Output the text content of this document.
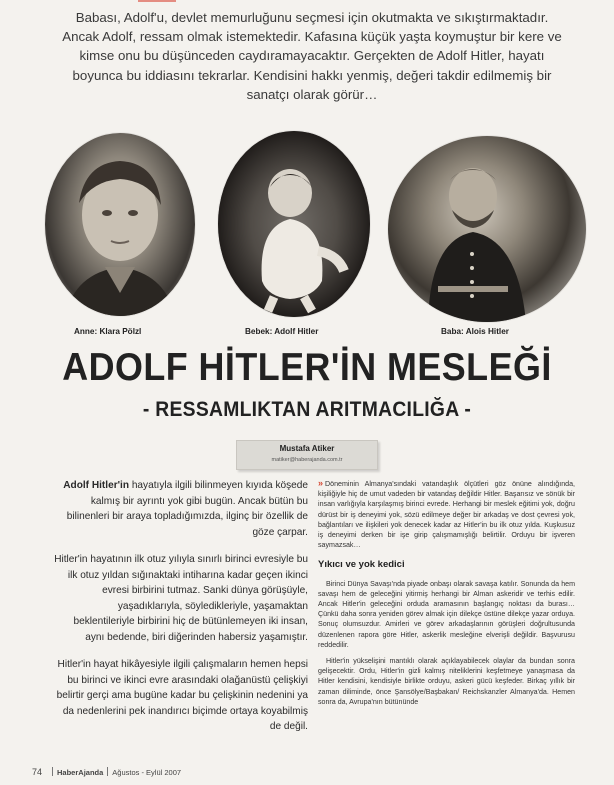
Babası, Adolf'u, devlet memurluğunu seçmesi için okutmakta ve sıkıştırmaktadır. Ancak Adolf, ressam olmak istemektedir. Kafasına küçük yaşta koymuştur bir kere ve kimse onu bu düşünceden caydıramayacaktır. Gerçekten de Adolf Hitler, hayatı boyunca bu iddiasını tekrarlar. Kendisini hakkı yenmiş, değeri takdir edilmemiş bir sanatçı olarak görür…
Anne: Klara Pölzl	Bebek: Adolf Hitler	Baba: Alois Hitler
ADOLF HİTLER'İN MESLEĞİ
- RESSAMLIKTAN ARITMACILIĞA -
Mustafa Atiker
matiker@haberajanda.com.tr

Adolf Hitler'in hayatıyla ilgili bilinmeyen kıyıda köşede kalmış bir ayrıntı yok gibi bugün. Ancak bütün bu bilinenleri bir araya topladığımızda, ilginç bir özellik de göze çarpar.

Hitler'in hayatının ilk otuz yılıyla sınırlı birinci evresiyle bu ilk otuz yıldan sığınaktaki intiharına kadar geçen ikinci evresi birbirini tutmaz. Sanki dünya görüşüyle, yaşadıklarıyla, söyledikleriyle, yaşamaktan beklentileriyle birbirini hiç de bütünlemeyen iki insan, aynı bedende, biri diğerinden habersiz yaşamıştır.

Hitler'in hayat hikâyesiyle ilgili çalışmaların hemen hepsi bu birinci ve ikinci evre arasındaki olağanüstü çelişkiyi belirtir gerçi ama bugüne kadar bu çelişkinin nedenini ya da nedenlerini pek inandırıcı biçimde ortaya koyabilmiş de değil.

» Döneminin Almanya'sındaki vatandaşlık ölçütleri göz önüne alındığında, kişiliğiyle hiç de umut vadeden bir vatandaş değildir Hitler. Başarısız ve sönük bir insan varlığıyla karşılaşmış birinci evrede. Herhangi bir meslek eğitimi yok, doğru dürüst bir iş deneyimi yok, sözü edilmeye değer bir arkadaş ve dost çevresi yok, bağlantıları ve ilişkileri yok denecek kadar az Hitler'in bu ilk otuz yılda. Kuşkusuz iş deneyimi derken bir işe girip çalışmamışlığı belirtilir. Orduyu bir işveren saymazsak…

Yıkıcı ve yok kedici

Birinci Dünya Savaşı'nda piyade onbaşı olarak savaşa katılır. Sonunda da hem savaşı hem de geleceğini yitirmiş herhangi bir Alman askeridir ve terhis edilir. Ancak Hitler'in geleceğini orduda aramasının başlangıç noktası da burası… Çünkü daha sonra yeniden görev almak için dilekçe üstüne dilekçe yazar orduya. Sonuç olumsuzdur. Amirleri ve görev arkadaşlarının görüşleri doğrultusunda düzenlenen rapora göre Hitler, askerlik mesleğine elverişli değildir. Başvurusu reddedilir.

Hitler'in yükselişini mantıklı olarak açıklayabilecek olaylar da bundan sonra gelişecektir. Ordu, Hitler'in gizli kalmış niteliklerini keşfetmeye yanaşmasa da Hitler kendisini, kendisiyle birlikte orduyu, askeri gücü keşfeder. Birkaç yıllık bir zaman diliminde, önce Şansölye/Başbakan/ Reichskanzler Almanya'da. Hemen sonra da, Avrupa'nın bütününde

74 HaberAjanda Ağustos - Eylül 2007
